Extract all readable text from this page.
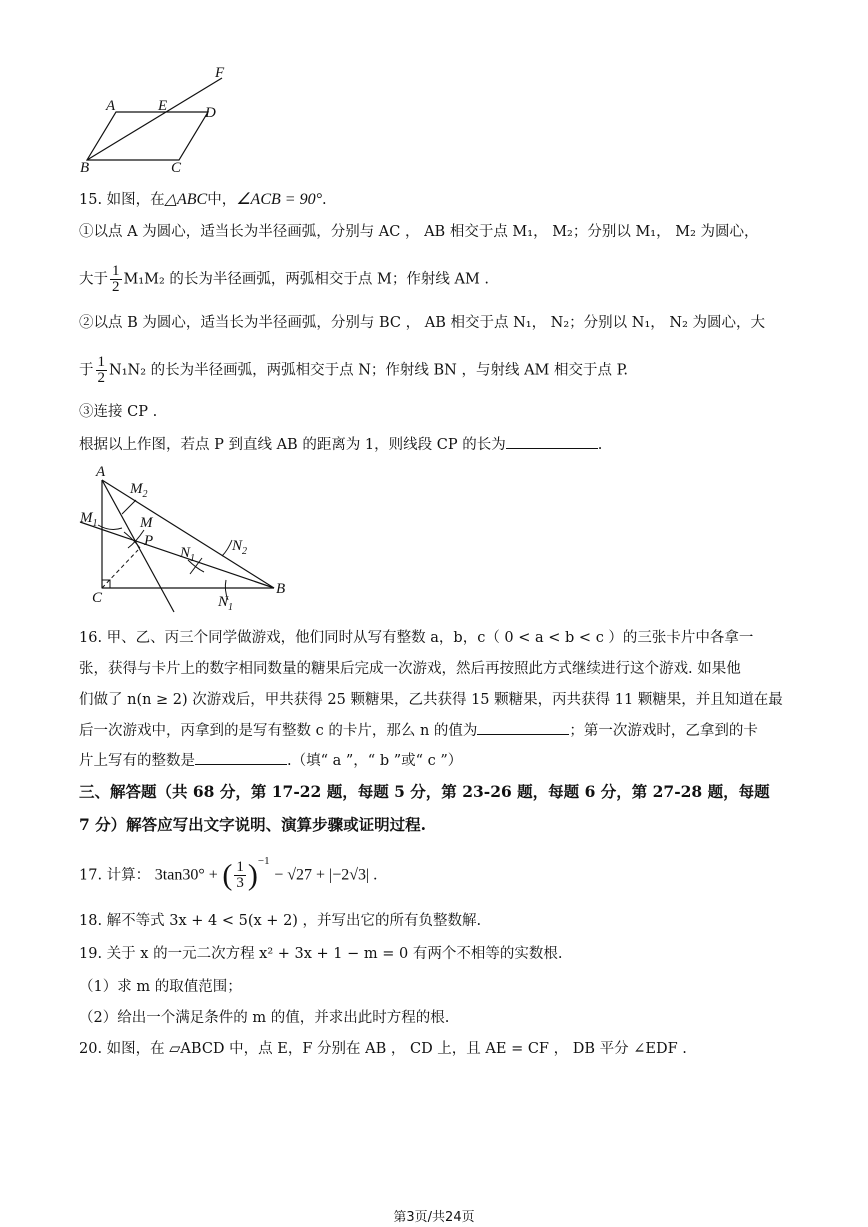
A	E	D
F
B	C
15. 如图，在△ABC中，∠ACB = 90°.
①以点 A 为圆心，适当长为半径画弧，分别与 AC ， AB 相交于点 M₁， M₂；分别以 M₁， M₂ 为圆心，
大于 $\frac{1}{2} M_1M_2$ 的长为半径画弧，两弧相交于点 M；作射线 AM .
②以点 B 为圆心，适当长为半径画弧，分别与 BC ， AB 相交于点 N₁， N₂；分别以 N₁， N₂ 为圆心，大
于 $\frac{1}{2} N_1N_2$ 的长为半径画弧，两弧相交于点 N；作射线 BN ，与射线 AM 相交于点 P.
③连接 CP .
根据以上作图，若点 P 到直线 AB 的距离为 1，则线段 CP 的长为	.
A
$M_2$
M
$M_1$
P
$N_1$
$N_2$
B
C	$N_1$
16. 甲、乙、丙三个同学做游戏，他们同时从写有整数 a，b，c（ 0 < a < b < c ）的三张卡片中各拿一
张，获得与卡片上的数字相同数量的糖果后完成一次游戏，然后再按照此方式继续进行这个游戏. 如果他
们做了 n(n ≥ 2) 次游戏后，甲共获得 25 颗糖果，乙共获得 15 颗糖果，丙共获得 11 颗糖果，并且知道在最
后一次游戏中，丙拿到的是写有整数 c 的卡片，那么 n 的值为	；第一次游戏时，乙拿到的卡
片上写有的整数是	.（填“ a ”，“ b ”或“ c ”）
三、解答题（共 68 分，第 17-22 题，每题 5 分，第 23-26 题，每题 6 分，第 27-28 题，每题
7 分）解答应写出文字说明、演算步骤或证明过程.
17. 计算： 3tan30° + ( $\frac{1}{3} )^{-1} - √27 + |-2√3|$ .
18. 解不等式 3x + 4 < 5(x + 2) ，并写出它的所有负整数解.
19. 关于 x 的一元二次方程 x² + 3x + 1 − m = 0 有两个不相等的实数根.
（1）求 m 的取值范围；
（2）给出一个满足条件的 m 的值，并求出此时方程的根.
20. 如图，在 ▱ABCD 中，点 E，F 分别在 AB ， CD 上，且 AE = CF ， DB 平分 ∠EDF .
第3页/共24页
